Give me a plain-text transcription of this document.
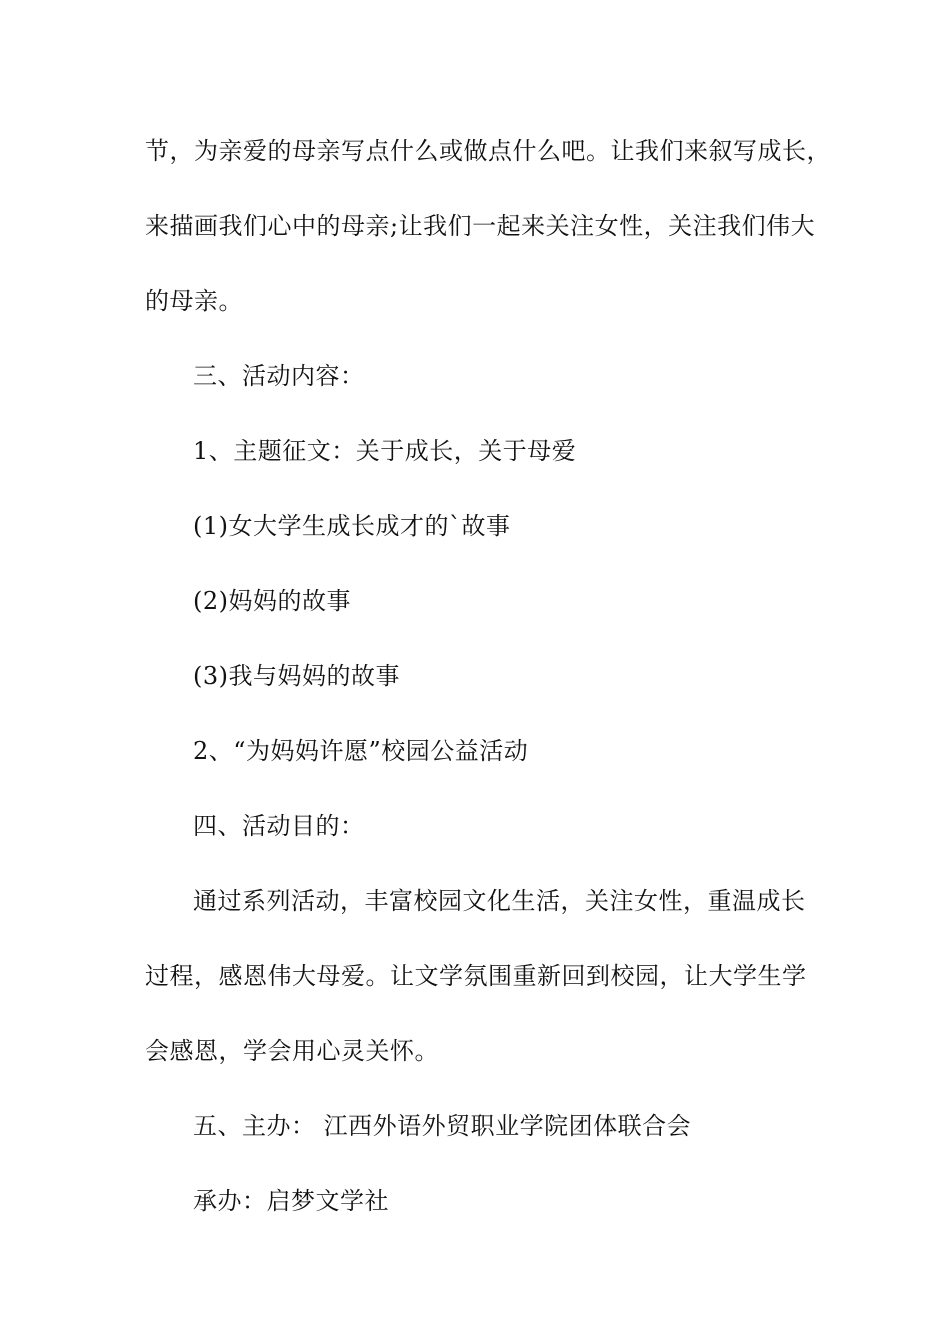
节，为亲爱的母亲写点什么或做点什么吧。让我们来叙写成长，
来描画我们心中的母亲;让我们一起来关注女性，关注我们伟大
的母亲。
三、活动内容：
1、主题征文：关于成长，关于母爱
(1)女大学生成长成才的`故事
(2)妈妈的故事
(3)我与妈妈的故事
2、“为妈妈许愿”校园公益活动
四、活动目的：
通过系列活动，丰富校园文化生活，关注女性，重温成长
过程，感恩伟大母爱。让文学氛围重新回到校园，让大学生学
会感恩，学会用心灵关怀。
五、主办： 江西外语外贸职业学院团体联合会
承办：启梦文学社
